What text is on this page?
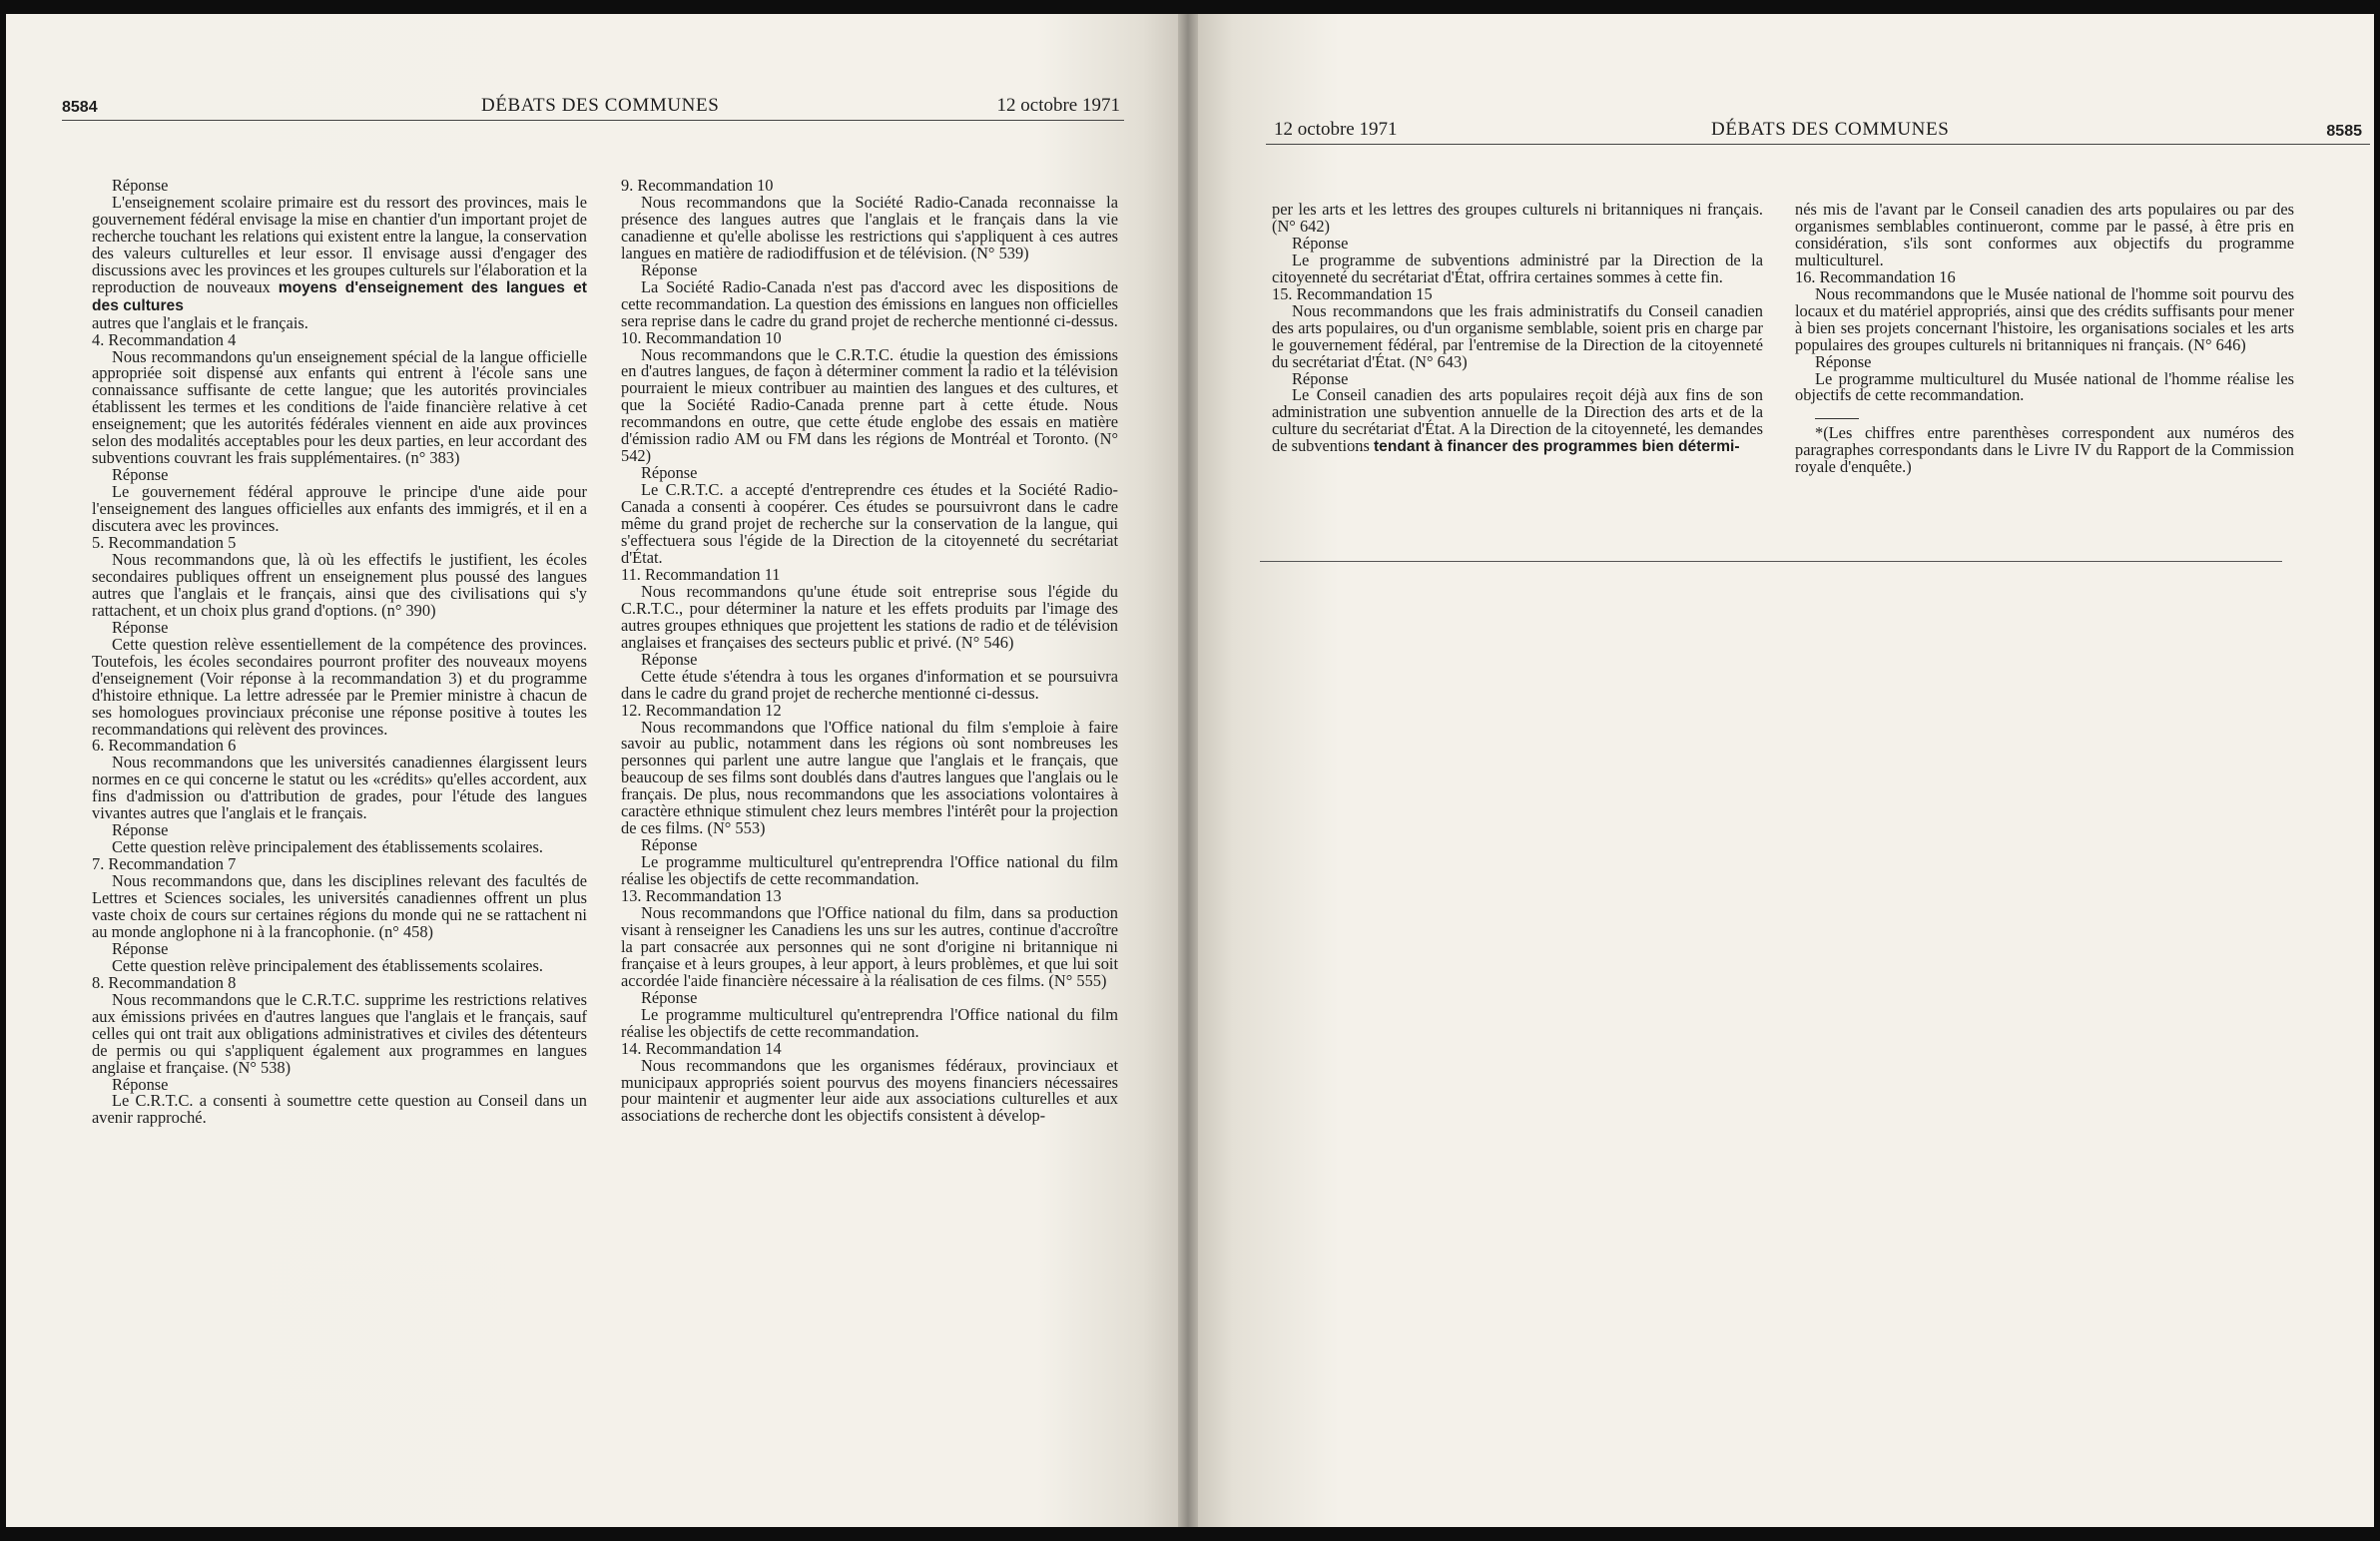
8584	DÉBATS DES COMMUNES	12 octobre 1971

Réponse

L'enseignement scolaire primaire est du ressort des provinces, mais le gouvernement fédéral envisage la mise en chantier d'un important projet de recherche touchant les relations qui existent entre la langue, la conservation des valeurs culturelles et leur essor. Il envisage aussi d'engager des discussions avec les provinces et les groupes culturels sur l'élaboration et la reproduction de nouveaux moyens d'enseignement des langues et des cultures

autres que l'anglais et le français.

4. Recommandation 4

Nous recommandons qu'un enseignement spécial de la langue officielle appropriée soit dispensé aux enfants qui entrent à l'école sans une connaissance suffisante de cette langue; que les autorités provinciales établissent les termes et les conditions de l'aide financière relative à cet enseignement; que les autorités fédérales viennent en aide aux provinces selon des modalités acceptables pour les deux parties, en leur accordant des subventions couvrant les frais supplémentaires. (n° 383)

Réponse

Le gouvernement fédéral approuve le principe d'une aide pour l'enseignement des langues officielles aux enfants des immigrés, et il en a discutera avec les provinces.

5. Recommandation 5

Nous recommandons que, là où les effectifs le justifient, les écoles secondaires publiques offrent un enseignement plus poussé des langues autres que l'anglais et le français, ainsi que des civilisations qui s'y rattachent, et un choix plus grand d'options. (n° 390)

Réponse

Cette question relève essentiellement de la compétence des provinces. Toutefois, les écoles secondaires pourront profiter des nouveaux moyens d'enseignement (Voir réponse à la recommandation 3) et du programme d'histoire ethnique. La lettre adressée par le Premier ministre à chacun de ses homologues provinciaux préconise une réponse positive à toutes les recommandations qui relèvent des provinces.

6. Recommandation 6

Nous recommandons que les universités canadiennes élargissent leurs normes en ce qui concerne le statut ou les «crédits» qu'elles accordent, aux fins d'admission ou d'attribution de grades, pour l'étude des langues vivantes autres que l'anglais et le français.

Réponse

Cette question relève principalement des établissements scolaires.

7. Recommandation 7

Nous recommandons que, dans les disciplines relevant des facultés de Lettres et Sciences sociales, les universités canadiennes offrent un plus vaste choix de cours sur certaines régions du monde qui ne se rattachent ni au monde anglophone ni à la francophonie. (n° 458)

Réponse

Cette question relève principalement des établissements scolaires.

8. Recommandation 8

Nous recommandons que le C.R.T.C. supprime les restrictions relatives aux émissions privées en d'autres langues que l'anglais et le français, sauf celles qui ont trait aux obligations administratives et civiles des détenteurs de permis ou qui s'appliquent également aux programmes en langues anglaise et française. (N° 538)

Réponse

Le C.R.T.C. a consenti à soumettre cette question au Conseil dans un avenir rapproché.

9. Recommandation 10

Nous recommandons que la Société Radio-Canada reconnaisse la présence des langues autres que l'anglais et le français dans la vie canadienne et qu'elle abolisse les restrictions qui s'appliquent à ces autres langues en matière de radiodiffusion et de télévision. (N° 539)

Réponse

La Société Radio-Canada n'est pas d'accord avec les dispositions de cette recommandation. La question des émissions en langues non officielles sera reprise dans le cadre du grand projet de recherche mentionné ci-dessus.

10. Recommandation 10

Nous recommandons que le C.R.T.C. étudie la question des émissions en d'autres langues, de façon à déterminer comment la radio et la télévision pourraient le mieux contribuer au maintien des langues et des cultures, et que la Société Radio-Canada prenne part à cette étude. Nous recommandons en outre, que cette étude englobe des essais en matière d'émission radio AM ou FM dans les régions de Montréal et Toronto. (N° 542)

Réponse

Le C.R.T.C. a accepté d'entreprendre ces études et la Société Radio-Canada a consenti à coopérer. Ces études se poursuivront dans le cadre même du grand projet de recherche sur la conservation de la langue, qui s'effectuera sous l'égide de la Direction de la citoyenneté du secrétariat d'État.

11. Recommandation 11

Nous recommandons qu'une étude soit entreprise sous l'égide du C.R.T.C., pour déterminer la nature et les effets produits par l'image des autres groupes ethniques que projettent les stations de radio et de télévision anglaises et françaises des secteurs public et privé. (N° 546)

Réponse

Cette étude s'étendra à tous les organes d'information et se poursuivra dans le cadre du grand projet de recherche mentionné ci-dessus.

12. Recommandation 12

Nous recommandons que l'Office national du film s'emploie à faire savoir au public, notamment dans les régions où sont nombreuses les personnes qui parlent une autre langue que l'anglais et le français, que beaucoup de ses films sont doublés dans d'autres langues que l'anglais ou le français. De plus, nous recommandons que les associations volontaires à caractère ethnique stimulent chez leurs membres l'intérêt pour la projection de ces films. (N° 553)

Réponse

Le programme multiculturel qu'entreprendra l'Office national du film réalise les objectifs de cette recommandation.

13. Recommandation 13

Nous recommandons que l'Office national du film, dans sa production visant à renseigner les Canadiens les uns sur les autres, continue d'accroître la part consacrée aux personnes qui ne sont d'origine ni britannique ni française et à leurs groupes, à leur apport, à leurs problèmes, et que lui soit accordée l'aide financière nécessaire à la réalisation de ces films. (N° 555)

Réponse

Le programme multiculturel qu'entreprendra l'Office national du film réalise les objectifs de cette recommandation.

14. Recommandation 14

Nous recommandons que les organismes fédéraux, provinciaux et municipaux appropriés soient pourvus des moyens financiers nécessaires pour maintenir et augmenter leur aide aux associations culturelles et aux associations de recherche dont les objectifs consistent à dévelop-

12 octobre 1971	DÉBATS DES COMMUNES	8585

per les arts et les lettres des groupes culturels ni britanniques ni français. (N° 642)

Réponse

Le programme de subventions administré par la Direction de la citoyenneté du secrétariat d'État, offrira certaines sommes à cette fin.

15. Recommandation 15

Nous recommandons que les frais administratifs du Conseil canadien des arts populaires, ou d'un organisme semblable, soient pris en charge par le gouvernement fédéral, par l'entremise de la Direction de la citoyenneté du secrétariat d'État. (N° 643)

Réponse

Le Conseil canadien des arts populaires reçoit déjà aux fins de son administration une subvention annuelle de la Direction des arts et de la culture du secrétariat d'État. A la Direction de la citoyenneté, les demandes de subventions tendant à financer des programmes bien détermi-

nés mis de l'avant par le Conseil canadien des arts populaires ou par des organismes semblables continueront, comme par le passé, à être pris en considération, s'ils sont conformes aux objectifs du programme multiculturel.

16. Recommandation 16

Nous recommandons que le Musée national de l'homme soit pourvu des locaux et du matériel appropriés, ainsi que des crédits suffisants pour mener à bien ses projets concernant l'histoire, les organisations sociales et les arts populaires des groupes culturels ni britanniques ni français. (N° 646)

Réponse

Le programme multiculturel du Musée national de l'homme réalise les objectifs de cette recommandation.

*(Les chiffres entre parenthèses correspondent aux numéros des paragraphes correspondants dans le Livre IV du Rapport de la Commission royale d'enquête.)
